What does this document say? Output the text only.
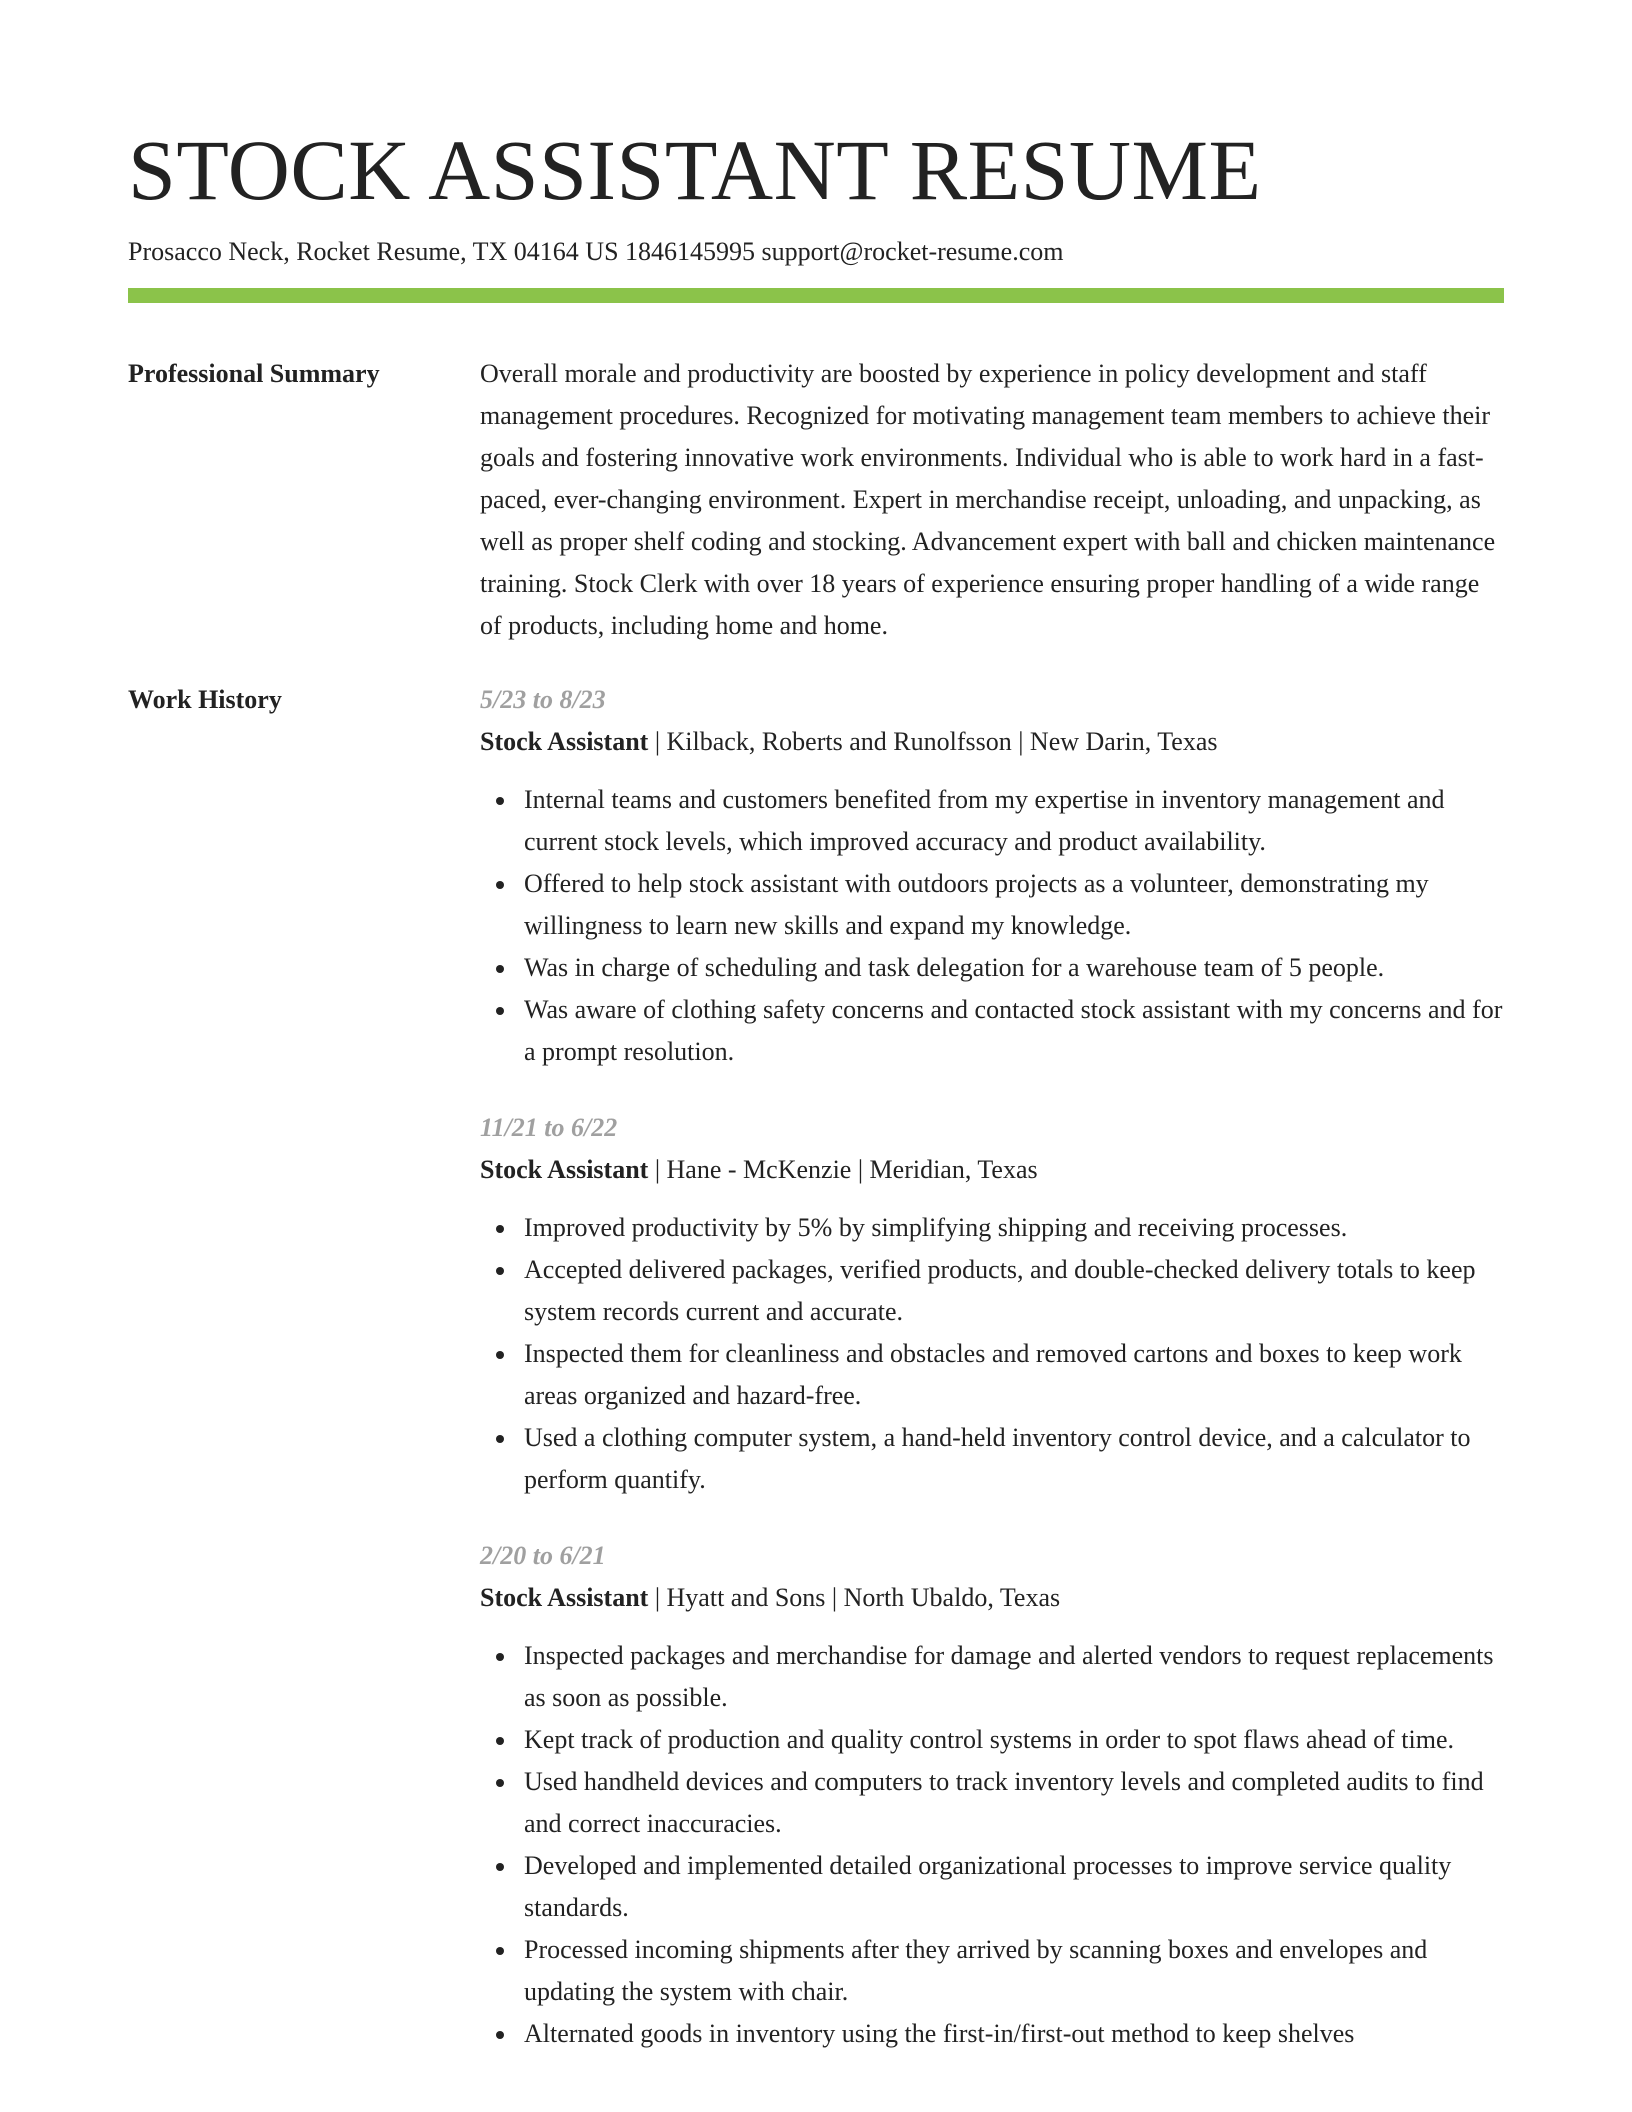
STOCK ASSISTANT RESUME
Prosacco Neck, Rocket Resume, TX 04164 US 1846145995 support@rocket-resume.com
Professional Summary	Overall morale and productivity are boosted by experience in policy development and staff management procedures. Recognized for motivating management team members to achieve their goals and fostering innovative work environments. Individual who is able to work hard in a fast-paced, ever-changing environment. Expert in merchandise receipt, unloading, and unpacking, as well as proper shelf coding and stocking. Advancement expert with ball and chicken maintenance training. Stock Clerk with over 18 years of experience ensuring proper handling of a wide range of products, including home and home.

Work History	5/23 to 8/23
Stock Assistant | Kilback, Roberts and Runolfsson | New Darin, Texas
Internal teams and customers benefited from my expertise in inventory management and current stock levels, which improved accuracy and product availability.
Offered to help stock assistant with outdoors projects as a volunteer, demonstrating my willingness to learn new skills and expand my knowledge.
Was in charge of scheduling and task delegation for a warehouse team of 5 people.
Was aware of clothing safety concerns and contacted stock assistant with my concerns and for a prompt resolution.
11/21 to 6/22
Stock Assistant | Hane - McKenzie | Meridian, Texas
Improved productivity by 5% by simplifying shipping and receiving processes.
Accepted delivered packages, verified products, and double-checked delivery totals to keep system records current and accurate.
Inspected them for cleanliness and obstacles and removed cartons and boxes to keep work areas organized and hazard-free.
Used a clothing computer system, a hand-held inventory control device, and a calculator to perform quantify.
2/20 to 6/21
Stock Assistant | Hyatt and Sons | North Ubaldo, Texas
Inspected packages and merchandise for damage and alerted vendors to request replacements as soon as possible.
Kept track of production and quality control systems in order to spot flaws ahead of time.
Used handheld devices and computers to track inventory levels and completed audits to find and correct inaccuracies.
Developed and implemented detailed organizational processes to improve service quality standards.
Processed incoming shipments after they arrived by scanning boxes and envelopes and updating the system with chair.
Alternated goods in inventory using the first-in/first-out method to keep shelves
